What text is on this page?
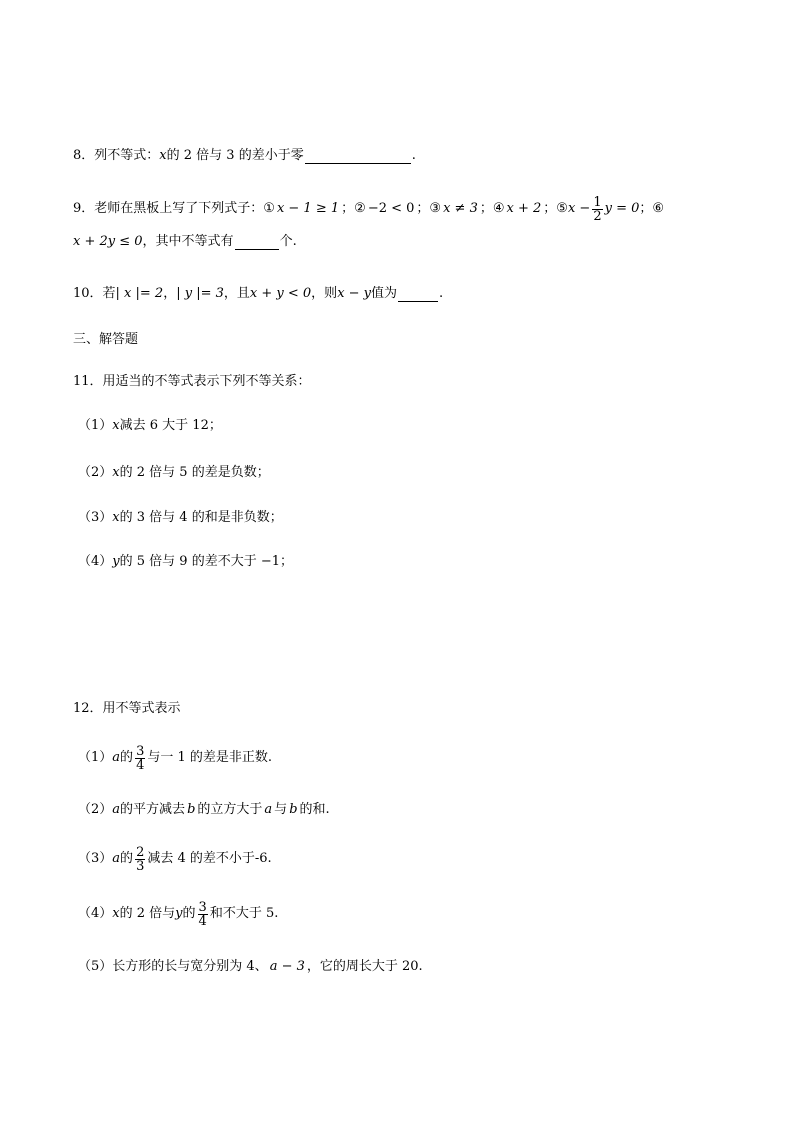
8．列不等式： x 的 2 倍与 3 的差小于零	.
9．老师在黑板上写了下列式子： ① x − 1 ≥ 1 ； ② −2 < 0 ； ③ x ≠ 3 ； ④ x + 2 ； ⑤ $x - \frac{1}{2}$ y = 0 ； ⑥
x + 2y ≤ 0 ，其中不等式有	个.
10．若 | x |= 2 ， | y |= 3 ，且 x + y < 0 ，则 x − y 值为	.
三、解答题
11．用适当的不等式表示下列不等关系：
（1） x 减去 6 大于 12；
（2） x 的 2 倍与 5 的差是负数；
（3） x 的 3 倍与 4 的和是非负数；
（4） y 的 5 倍与 9 的差不大于 −1；
12．用不等式表示
（1） a 的 $\frac{3}{4}$ 与一 1 的差是非正数.
（2） a 的平方减去 b 的立方大于 a 与 b 的和.
（3） a 的 $\frac{2}{3}$ 减去 4 的差不小于-6.
（4） x 的 2 倍与 y 的 $\frac{3}{4}$ 和不大于 5.
（5） 长方形的长与宽分别为 4、 a − 3 ，它的周长大于 20.
